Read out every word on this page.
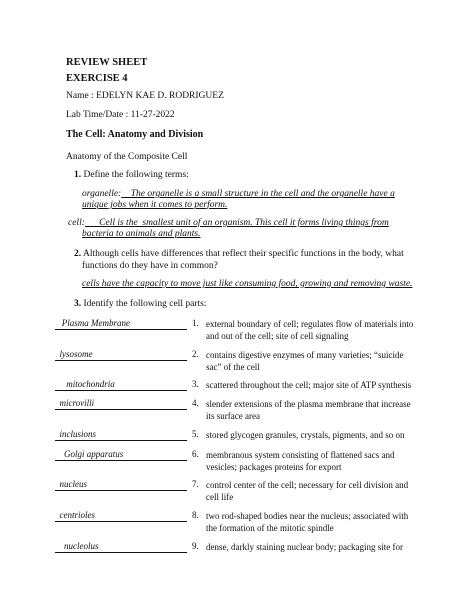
REVIEW SHEET
EXERCISE 4
Name : EDELYN KAE D. RODRIGUEZ
Lab Time/Date : 11-27-2022
The Cell: Anatomy and Division
Anatomy of the Composite Cell
1. Define the following terms:
organelle:    The organelle is a small structure in the cell and the organelle have a
unique jobs when it comes to perform.
cell:      Cell is the  smallest unit of an organism. This cell it forms living things from
bacteria to animals and plants.
2. Although cells have differences that reflect their specific functions in the body, what
functions do they have in common?
cells have the capacity to move just like consuming food, growing and removing waste.
3. Identify the following cell parts:
Plasma Membrane	1. external boundary of cell; regulates flow of materials into
and out of the cell; site of cell signaling
lysosome	2. contains digestive enzymes of many varieties; “suicide
sac” of the cell
mitochondria	3. scattered throughout the cell; major site of ATP synthesis
microvilli	4. slender extensions of the plasma membrane that increase
its surface area
inclusions	5. stored glycogen granules, crystals, pigments, and so on
Golgi apparatus	6. membranous system consisting of flattened sacs and
vesicles; packages proteins for export
nucleus	7. control center of the cell; necessary for cell division and
cell life
centrioles	8. two rod-shaped bodies near the nucleus; associated with
the formation of the mitotic spindle
nucleolus	9. dense, darkly staining nuclear body; packaging site for
